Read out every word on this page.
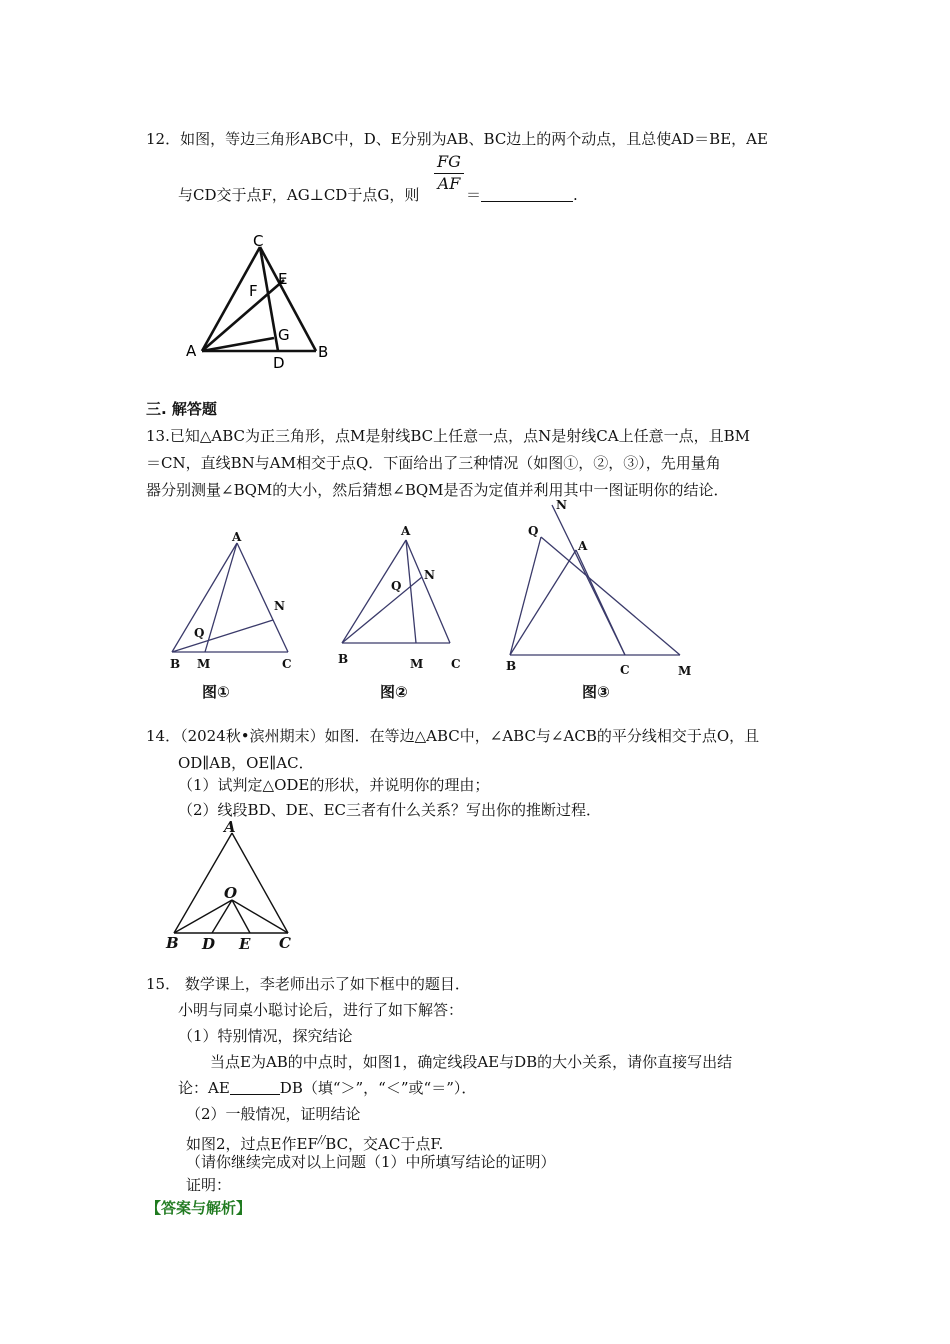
12．如图，等边三角形ABC中，D、E分别为AB、BC边上的两个动点，且总使AD＝BE，AE
与CD交于点F，AG⊥CD于点G，则
$\frac{FG}{AF}$
＝	.
C
E
F
G
A	B
D
三. 解答题
13.已知△ABC为正三角形，点M是射线BC上任意一点，点N是射线CA上任意一点，且BM
＝CN，直线BN与AM相交于点Q．下面给出了三种情况（如图①，②，③），先用量角
器分别测量∠BQM的大小，然后猜想∠BQM是否为定值并利用其中一图证明你的结论．
A
N
Q
B M	C
A
N
Q
B	M C
N
Q
A
B	C	M
图①	图②	图③
14．（2024秋•滨州期末）如图．在等边△ABC中，∠ABC与∠ACB的平分线相交于点O，且
OD∥AB，OE∥AC．
（1）试判定△ODE的形状，并说明你的理由；
（2）线段BD、DE、EC三者有什么关系？写出你的推断过程．
A
O
B D E C
15． 数学课上，李老师出示了如下框中的题目．
小明与同桌小聪讨论后，进行了如下解答：
（1）特别情况，探究结论
当点E为AB的中点时，如图1，确定线段AE与DB的大小关系，请你直接写出结
论：AE	DB（填“＞”，“＜”或“＝”）．
（2）一般情况，证明结论
如图2，过点E作EF//BC，交AC于点F.
（请你继续完成对以上问题（1）中所填写结论的证明）
证明：
【答案与解析】
